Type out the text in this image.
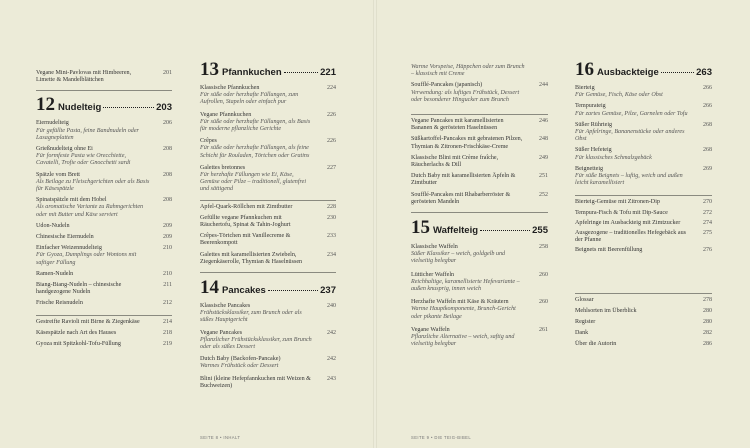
Vegane Mini-Pavlovas mit Himbeeren, Limette & Mandelblättchen
201
12 Nudelteig	203
Eiernudelteig
Für gefüllte Pasta, feine Bandnudeln oder Lasagneplatten
206
Grießnudelteig ohne Ei
Für formfeste Pasta wie Orecchiette, Cavatelli, Trofie oder Gnocchetti sardi
208
Spätzle vom Brett
Als Beilage zu Fleischgerichten oder als Basis für Käsespätzle
208
Spinatspätzle mit dem Hobel
Als aromatische Variante zu Rahmgerichten oder mit Butter und Käse serviert
208
Udon-Nudeln	209
Chinesische Eiernudeln	209
Einfacher Weizennudelteig
Für Gyoza, Dumplings oder Wontons mit saftiger Füllung
210
Ramen-Nudeln	210
Biang-Biang-Nudeln – chinesische handgezogene Nudeln
211
Frische Reisnudeln	212
Gestreifte Ravioli mit Birne & Ziegenkäse	214
Käsespätzle nach Art des Hauses	218
Gyoza mit Spitzkohl-Tofu-Füllung	219
13 Pfannkuchen	221
Klassische Pfannkuchen
Für süße oder herzhafte Füllungen, zum Aufrollen, Stapeln oder einfach pur
224
Vegane Pfannkuchen
Für süße oder herzhafte Füllungen, als Basis für moderne pflanzliche Gerichte
226
Crêpes
Für süße oder herzhafte Füllungen, als feine Schicht für Rouladen, Törtchen oder Gratins
226
Galettes bretonnes
Für herzhafte Füllungen wie Ei, Käse, Gemüse oder Pilze – traditionell, glutenfrei und sättigend
227
Apfel-Quark-Röllchen mit Zimtbutter	228
Gefüllte vegane Pfannkuchen mit Räuchertofu, Spinat & Tahin-Joghurt
230
Crêpes-Törtchen mit Vanillecreme & Beerenkompott
233
Galettes mit karamellisierten Zwiebeln, Ziegenkäserolle, Thymian & Haselnüssen
234
14 Pancakes	237
Klassische Pancakes
Frühstücksklassiker, zum Brunch oder als süßes Hauptgericht
240
Vegane Pancakes
Pflanzlicher Frühstücksklassiker, zum Brunch oder als süßes Dessert
242
Dutch Baby (Backofen-Pancake)
Warmes Frühstück oder Dessert
242
Blini (kleine Hefepfannkuchen mit Weizen & Buchweizen)
243
SEITE 8 • INHALT
Warme Vorspeise, Häppchen oder zum Brunch – klassisch mit Creme
Soufflé-Pancakes (japanisch)
Verwendung: als luftiges Frühstück, Dessert oder besonderer Hingucker zum Brunch
244
Vegane Pancakes mit karamellisierten Bananen & gerösteten Haselnüssen
246
Süßkartoffel-Pancakes mit gebratenen Pilzen, Thymian & Zitronen-Frischkäse-Creme
248
Klassische Blini mit Crème fraîche, Räucherlachs & Dill
249
Dutch Baby mit karamellisierten Äpfeln & Zimtbutter
251
Soufflé-Pancakes mit Rhabarberröster & gerösteten Mandeln
252
15 Waffelteig	255
Klassische Waffeln
Süßer Klassiker – weich, goldgelb und vielseitig belegbar
258
Lütticher Waffeln
Reichhaltige, karamellisierte Hefevariante – außen knusprig, innen weich
260
Herzhafte Waffeln mit Käse & Kräutern
Warme Hauptkomponente, Brunch-Gericht oder pikante Beilage
260
Vegane Waffeln
Pflanzliche Alternative – weich, saftig und vielseitig belegbar
261
16 Ausbackteige	263
Bierteig
Für Gemüse, Fisch, Käse oder Obst
266
Tempurateig
Für zartes Gemüse, Pilze, Garnelen oder Tofu
266
Süßer Rührteig
Für Apfelringe, Bananenstücke oder anderes Obst
268
Süßer Hefeteig
Für klassisches Schmalzgebäck
268
Beignetteig
Für süße Beignets – luftig, weich und außen leicht karamellisiert
269
Bierteig-Gemüse mit Zitronen-Dip	270
Tempura-Fisch & Tofu mit Dip-Sauce	272
Apfelringe im Ausbackteig mit Zimtzucker	274
Ausgezogene – traditionelles Hefegebäck aus der Pfanne
275
Beignets mit Beerenfüllung	276
Glossar	278
Mehlsorten im Überblick	280
Register	280
Dank	282
Über die Autorin	286
SEITE 9 • DIE TEIG-BIBEL
